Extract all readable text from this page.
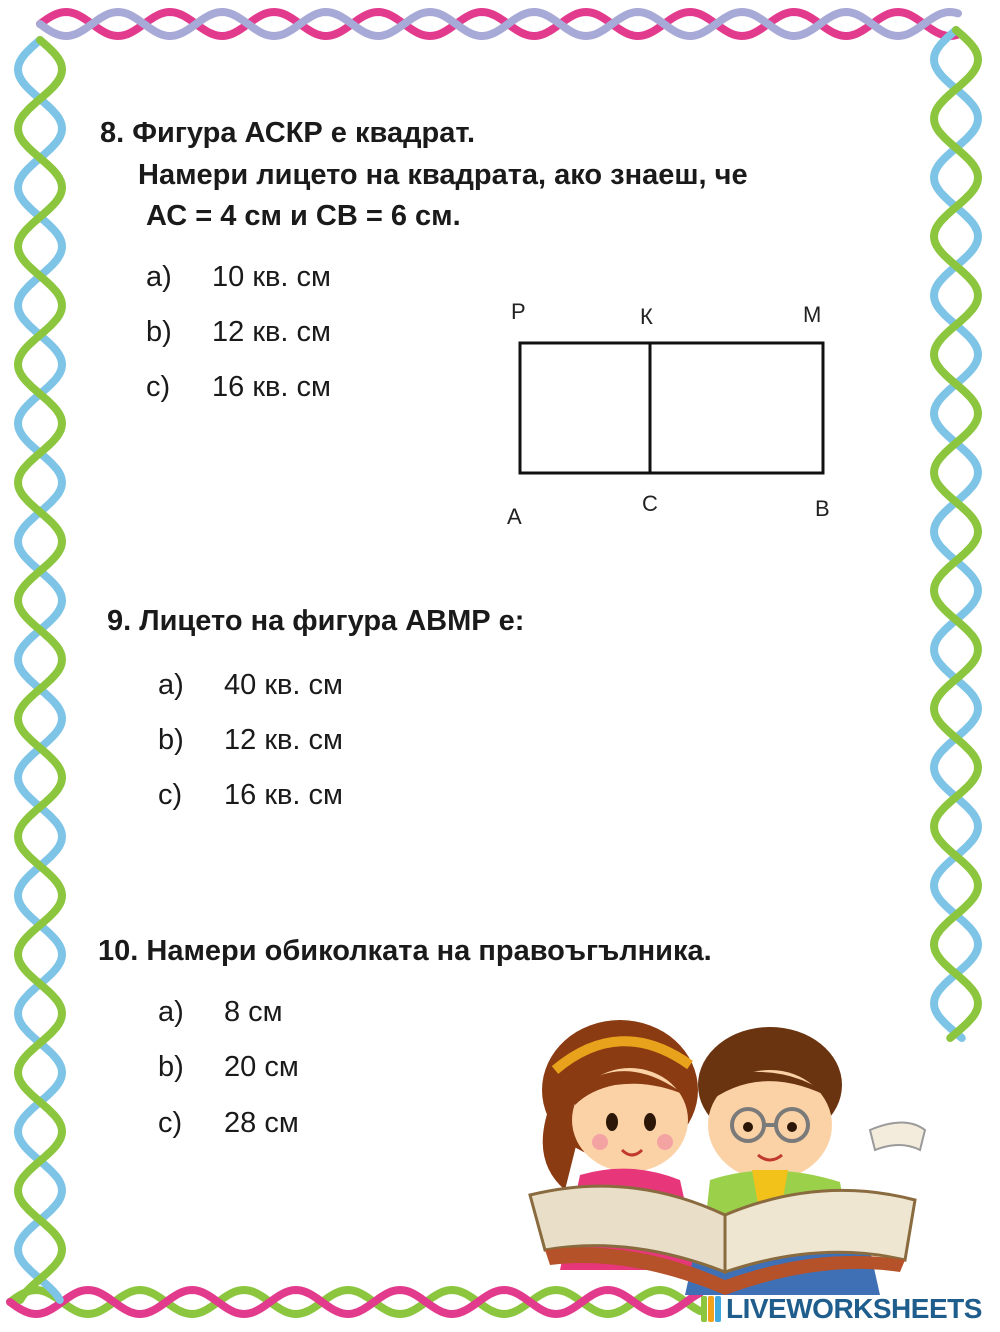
8. Фигура АСКР е квадрат.

Намери лицето на квадрата, ако знаеш, че

АС = 4 см и СВ = 6 см.

a) 10 кв. см
b) 12 кв. см
c) 16 кв. см
Р	К	М
А
С	В

9. Лицето на фигура АВМР е:

a) 40 кв. см
b) 12 кв. см
c) 16 кв. см

10. Намери обиколката на правоъгълника.

a) 8 см
b) 20 см
c) 28 см
LIVEWORKSHEETS
